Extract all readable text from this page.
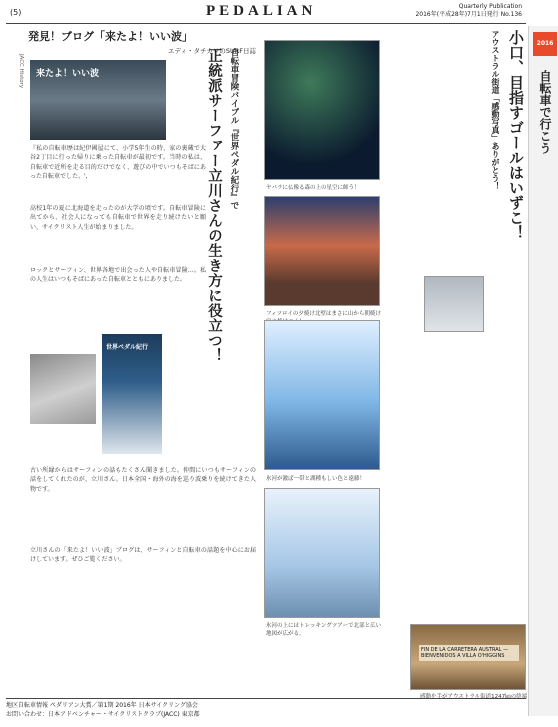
(5)	PEDALIAN	Quarterly Publication
2016年(平成28年)7月1日発行 No.136
発見！ブログ「来たよ！いい波」
エディ・タチカワのSURF日誌
JACC History 来たよ！いい波
『私の自転車歴は紀伊國屋にて、小学5年生の時、家の裏蔵で大谷2丁目に行った帰りに乗った自転車が最初です。当時の私は、自転車で近所を走る目的だけでなく、遊びの中でいつもそばにあった自転車でした。',
高校1年の夏に北海道を走ったのが大学の頃です。自転車冒険に出てから、社会人になっても自転車で世界を走り続けたいと願い、サイクリスト人生が始まりました。
ロックとサーフィン、世界各地で出会った人や自転車冒険…。私の人生はいつもそばにあった自転車とともにありました。
世界ペダル紀行
古い所縁からはサーフィンの話もたくさん聞きました。仲間にいつもサーフィンの話をしてくれたのが、立川さん。日本全国・海外の海を巡り波乗りを続けてきた人物です。
立川さんの「来たよ！いい波」ブログは、サーフィンと自転車の話題を中心にお届けしています。ぜひご覧ください。
自転車冒険バイブル『世界ペダル紀行』で
正統派サーファー立川さんの生き方に役立つ！	ヤバラに仏像る森の上の星空に師う！
フィツロイの夕焼け北壁はまさに山から朝焼け
氷河が激ぱ一帯と湖種もしい色と遠藤！
氷河の上にはトレッキングツアーで北部と広い地図が広がる。
FIN DE LA CARRETERA AUSTRAL — BIENVENIDOS A VILLA O'HIGGINS
感動を手がアウストラル街道1247㎞の終端
小口、目指すゴールはいずこ！
アウストラル街道「感動写真」ありがとう！	2016
自転車で行こう
地区自転車情報 ペダリアン大賞／第1期 2016年 日本サイクリング協会
お問い合わせ：日本アドベンチャー・サイクリストクラブ(JACC) 東京都
